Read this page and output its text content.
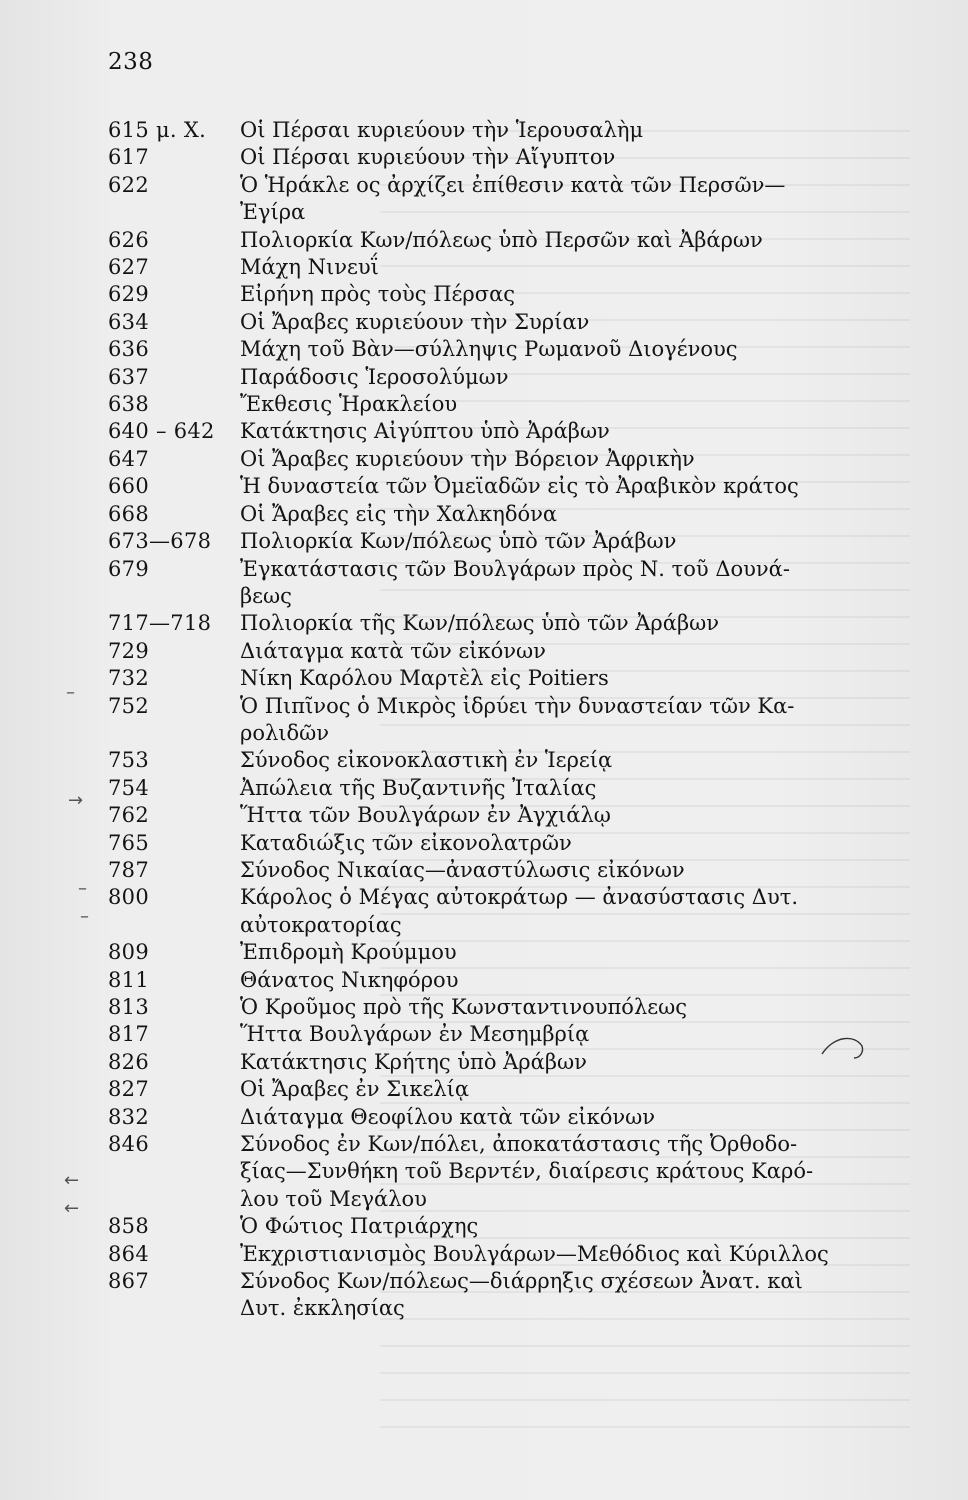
238
615 μ. Χ.	Οἱ Πέρσαι κυριεύουν τὴν Ἱερουσαλὴμ
617	Οἱ Πέρσαι κυριεύουν τὴν Αἴγυπτον
622	Ὁ Ἡράκλε ος ἀρχίζει ἐπίθεσιν κατὰ τῶν Περσῶν—
Ἐγίρα
626	Πολιορκία Κων/πόλεως ὑπὸ Περσῶν καὶ Ἀβάρων
627	Μάχη Νινευΐ
629	Εἰρήνη πρὸς τοὺς Πέρσας
634	Οἱ Ἄραβες κυριεύουν τὴν Συρίαν
636	Μάχη τοῦ Βὰν—σύλληψις Ρωμανοῦ Διογένους
637	Παράδοσις Ἱεροσολύμων
638	Ἔκθεσις Ἡρακλείου
640 – 642	Κατάκτησις Αἰγύπτου ὑπὸ Ἀράβων
647	Οἱ Ἄραβες κυριεύουν τὴν Βόρειον Ἀφρικὴν
660	Ἡ δυναστεία τῶν Ὀμεϊαδῶν εἰς τὸ Ἀραβικὸν κράτος
668	Οἱ Ἄραβες εἰς τὴν Χαλκηδόνα
673—678	Πολιορκία Κων/πόλεως ὑπὸ τῶν Ἀράβων
679	Ἐγκατάστασις τῶν Βουλγάρων πρὸς Ν. τοῦ Δουνά-
βεως
717—718	Πολιορκία τῆς Κων/πόλεως ὑπὸ τῶν Ἀράβων
729	Διάταγμα κατὰ τῶν εἰκόνων
732	Νίκη Καρόλου Μαρτὲλ εἰς Poitiers
752	Ὁ Πιπῖνος ὁ Μικρὸς ἱδρύει τὴν δυναστείαν τῶν Κα-
ρολιδῶν
753	Σύνοδος εἰκονοκλαστικὴ ἐν Ἱερείᾳ
754	Ἀπώλεια τῆς Βυζαντινῆς Ἰταλίας
762	Ἥττα τῶν Βουλγάρων ἐν Ἀγχιάλῳ
765	Καταδιώξις τῶν εἰκονολατρῶν
787	Σύνοδος Νικαίας—ἀναστύλωσις εἰκόνων
800	Κάρολος ὁ Μέγας αὐτοκράτωρ — ἀνασύστασις Δυτ.
αὐτοκρατορίας
809	Ἐπιδρομὴ Κρούμμου
811	Θάνατος Νικηφόρου
813	Ὁ Κροῦμος πρὸ τῆς Κωνσταντινουπόλεως
817	Ἥττα Βουλγάρων ἐν Μεσημβρίᾳ
826	Κατάκτησις Κρήτης ὑπὸ Ἀράβων
827	Οἱ Ἄραβες ἐν Σικελίᾳ
832	Διάταγμα Θεοφίλου κατὰ τῶν εἰκόνων
846	Σύνοδος ἐν Κων/πόλει, ἀποκατάστασις τῆς Ὀρθοδο-
ξίας—Συνθήκη τοῦ Βερντέν, διαίρεσις κράτους Καρό-
λου τοῦ Μεγάλου
858	Ὁ Φώτιος Πατριάρχης
864	Ἐκχριστιανισμὸς Βουλγάρων—Μεθόδιος καὶ Κύριλλος
867	Σύνοδος Κων/πόλεως—διάρρηξις σχέσεων Ἀνατ. καὶ
Δυτ. ἐκκλησίας
–
→
–
–
←
←
